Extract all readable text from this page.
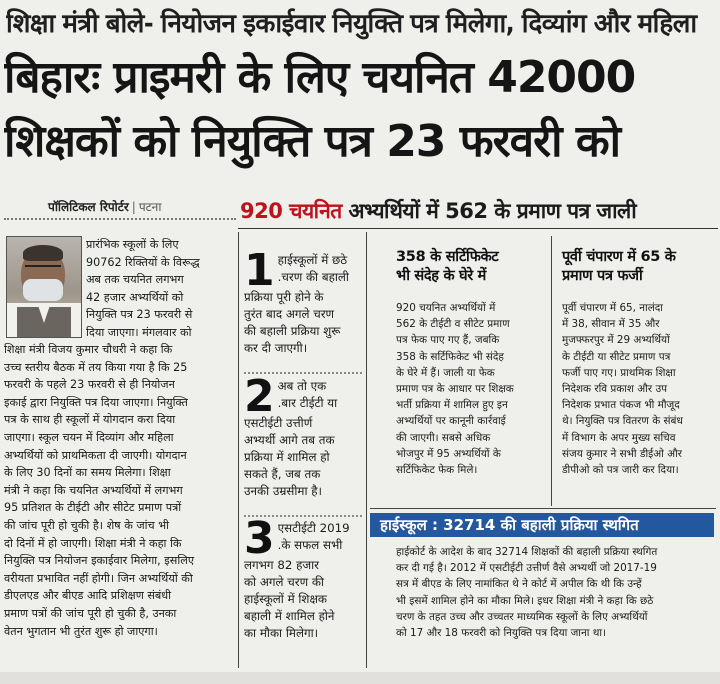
शिक्षा मंत्री बोले- नियोजन इकाईवार नियुक्ति पत्र मिलेगा, दिव्यांग और महिला
बिहारः प्राइमरी के लिए चयनित 42000
शिक्षकों को नियुक्ति पत्र 23 फरवरी को
पॉलिटिकल रिपोर्टर | पटना	920 चयनित अभ्यर्थियों में 562 के प्रमाण पत्र जाली
प्रारंभिक स्कूलों के लिए
90762 रिक्तियों के विरूद्ध
अब तक चयनित लगभग
42 हजार अभ्यर्थियों को
नियुक्ति पत्र 23 फरवरी से
दिया जाएगा। मंगलवार को
शिक्षा मंत्री विजय कुमार चौधरी ने कहा कि
उच्च स्तरीय बैठक में तय किया गया है कि 25
फरवरी के पहले 23 फरवरी से ही नियोजन
इकाई द्वारा नियुक्ति पत्र दिया जाएगा। नियुक्ति
पत्र के साथ ही स्कूलों में योगदान करा दिया
जाएगा। स्कूल चयन में दिव्यांग और महिला
अभ्यर्थियों को प्राथमिकता दी जाएगी। योगदान
के लिए 30 दिनों का समय मिलेगा। शिक्षा
मंत्री ने कहा कि चयनित अभ्यर्थियों में लगभग
95 प्रतिशत के टीईटी और सीटेट प्रमाण पत्रों
की जांच पूरी हो चुकी है। शेष के जांच भी
दो दिनों में हो जाएगी। शिक्षा मंत्री ने कहा कि
नियुक्ति पत्र नियोजन इकाईवार मिलेगा, इसलिए
वरीयता प्रभावित नहीं होगी। जिन अभ्यर्थियों की
डीएलएड और बीएड आदि प्रशिक्षण संबंधी
प्रमाण पत्रों की जांच पूरी हो चुकी है, उनका
वेतन भुगतान भी तुरंत शुरू हो जाएगा।
1 हाईस्कूलों में छठे
.चरण की बहाली
प्रक्रिया पूरी होने के
तुरंत बाद अगले चरण
की बहाली प्रक्रिया शुरू
कर दी जाएगी।
2 अब तो एक
.बार टीईटी या
एसटीईटी उत्तीर्ण
अभ्यर्थी आगे तब तक
प्रक्रिया में शामिल हो
सकते हैं, जब तक
उनकी उम्रसीमा है।
3 एसटीईटी 2019
.के सफल सभी
लगभग 82 हजार
को अगले चरण की
हाईस्कूलों में शिक्षक
बहाली में शामिल होने
का मौका मिलेगा।
358 के सर्टिफिकेट
भी संदेह के घेरे में
920 चयनित अभ्यर्थियों में
562 के टीईटी व सीटेट प्रमाण
पत्र फेक पाए गए हैं, जबकि
358 के सर्टिफिकेट भी संदेह
के घेरे में हैं। जाली या फेक
प्रमाण पत्र के आधार पर शिक्षक
भर्ती प्रक्रिया में शामिल हुए इन
अभ्यर्थियों पर कानूनी कार्रवाई
की जाएगी। सबसे अधिक
भोजपुर में 95 अभ्यर्थियों के
सर्टिफिकेट फेक मिले।
पूर्वी चंपारण में 65 के
प्रमाण पत्र फर्जी
पूर्वी चंपारण में 65, नालंदा
में 38, सीवान में 35 और
मुजफ्फरपुर में 29 अभ्यर्थियों
के टीईटी या सीटेट प्रमाण पत्र
फर्जी पाए गए। प्राथमिक शिक्षा
निदेशक रवि प्रकाश और उप
निदेशक प्रभात पंकज भी मौजूद
थे। नियुक्ति पत्र वितरण के संबंध
में विभाग के अपर मुख्य सचिव
संजय कुमार ने सभी डीईओ और
डीपीओ को पत्र जारी कर दिया।
हाईस्कूल : 32714 की बहाली प्रक्रिया स्थगित
हाईकोर्ट के आदेश के बाद 32714 शिक्षकों की बहाली प्रक्रिया स्थगित
कर दी गई है। 2012 में एसटीईटी उत्तीर्ण वैसे अभ्यर्थी जो 2017-19
सत्र में बीएड के लिए नामांकित थे ने कोर्ट में अपील कि थी कि उन्हें
भी इसमें शामिल होने का मौका मिले। इधर शिक्षा मंत्री ने कहा कि छठे
चरण के तहत उच्च और उच्चतर माध्यमिक स्कूलों के लिए अभ्यर्थियों
को 17 और 18 फरवरी को नियुक्ति पत्र दिया जाना था।
